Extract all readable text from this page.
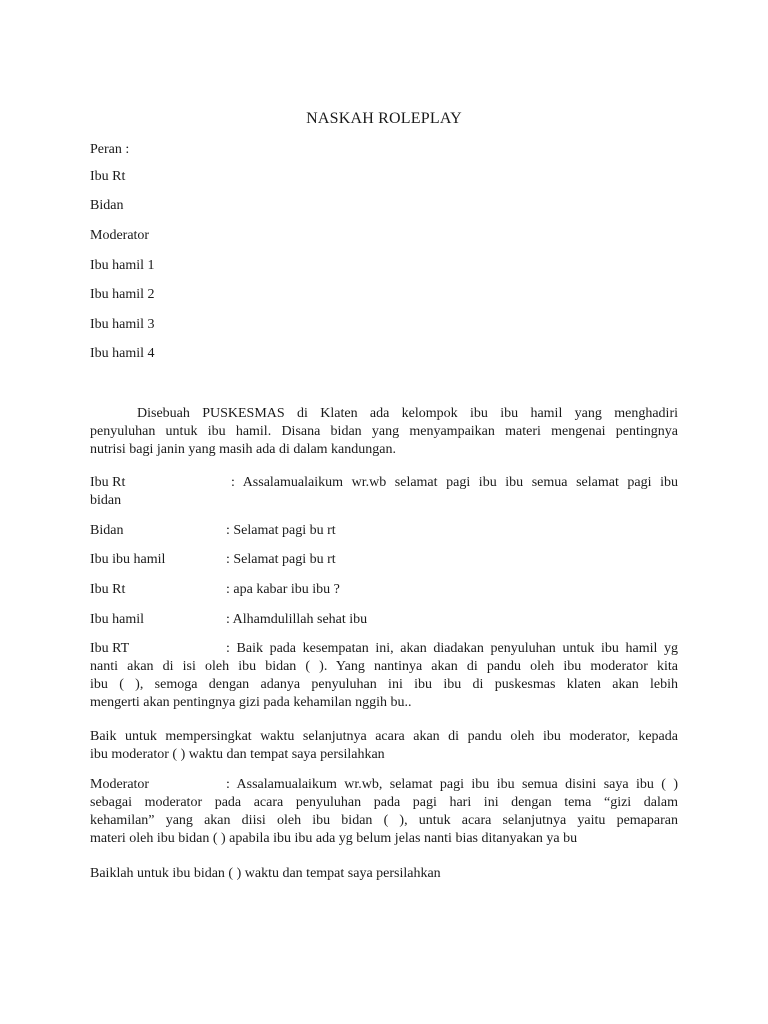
NASKAH ROLEPLAY
Peran :
Ibu Rt
Bidan
Moderator
Ibu hamil 1
Ibu hamil 2
Ibu hamil 3
Ibu hamil 4
Disebuah PUSKESMAS di Klaten ada kelompok ibu ibu hamil yang menghadiri
penyuluhan untuk ibu hamil. Disana bidan yang menyampaikan materi mengenai pentingnya
nutrisi bagi janin yang masih ada di dalam kandungan.
Ibu Rt	: Assalamualaikum wr.wb selamat pagi ibu ibu semua selamat pagi ibu
bidan
Bidan	: Selamat pagi bu rt
Ibu ibu hamil	: Selamat pagi bu rt
Ibu Rt	: apa kabar ibu ibu ?
Ibu hamil	: Alhamdulillah sehat ibu
Ibu RT	: Baik pada kesempatan ini, akan diadakan penyuluhan untuk ibu hamil yg
nanti akan di isi oleh ibu bidan ( ). Yang nantinya akan di pandu oleh ibu moderator kita
ibu ( ), semoga dengan adanya penyuluhan ini ibu ibu di puskesmas klaten akan lebih
mengerti akan pentingnya gizi pada kehamilan nggih bu..
Baik untuk mempersingkat waktu selanjutnya acara akan di pandu oleh ibu moderator, kepada
ibu moderator ( ) waktu dan tempat saya persilahkan
Moderator	: Assalamualaikum wr.wb, selamat pagi ibu ibu semua disini saya ibu ( )
sebagai moderator pada acara penyuluhan pada pagi hari ini dengan tema “gizi dalam
kehamilan” yang akan diisi oleh ibu bidan ( ), untuk acara selanjutnya yaitu pemaparan
materi oleh ibu bidan ( ) apabila ibu ibu ada yg belum jelas nanti bias ditanyakan ya bu
Baiklah untuk ibu bidan ( ) waktu dan tempat saya persilahkan
